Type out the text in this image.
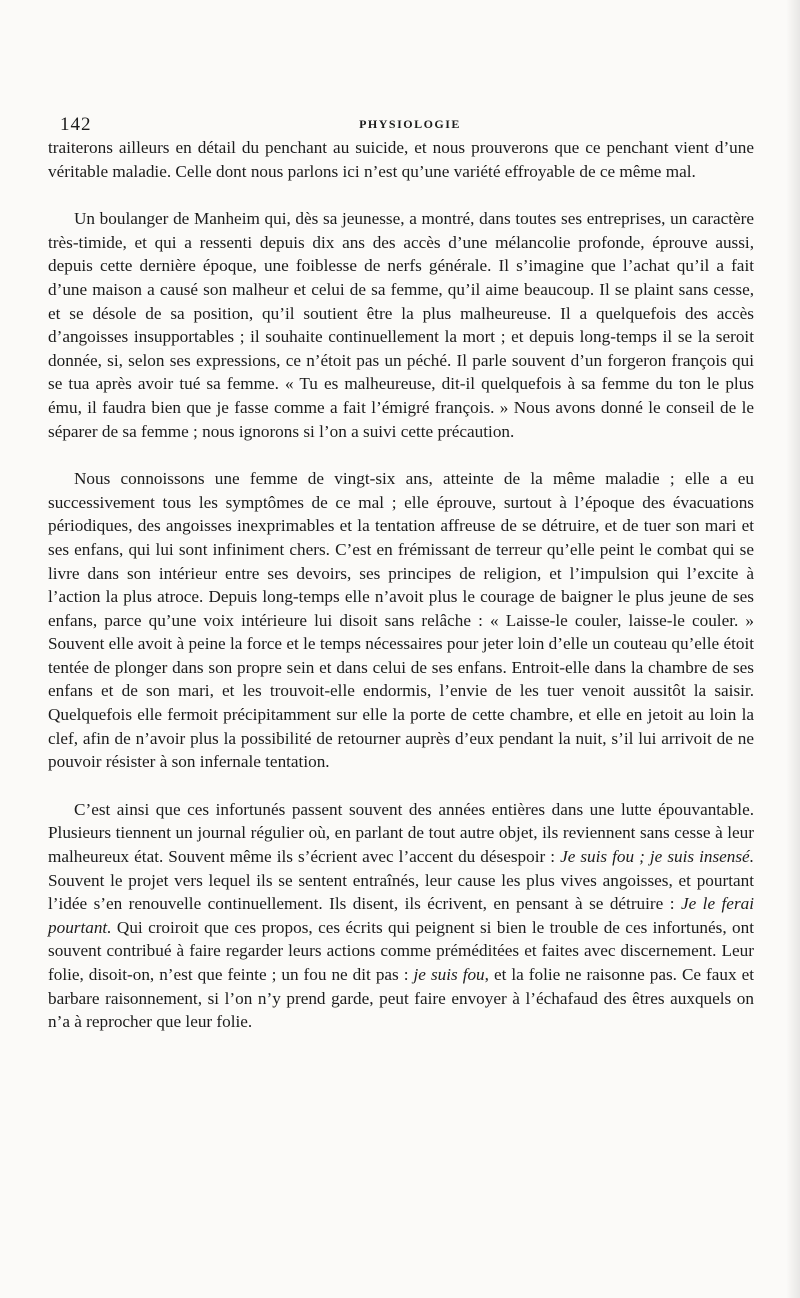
142	PHYSIOLOGIE

traiterons ailleurs en détail du penchant au suicide, et nous prouverons que ce penchant vient d’une véritable maladie. Celle dont nous parlons ici n’est qu’une variété effroyable de ce même mal.

Un boulanger de Manheim qui, dès sa jeunesse, a montré, dans toutes ses entreprises, un caractère très-timide, et qui a ressenti depuis dix ans des accès d’une mélancolie profonde, éprouve aussi, depuis cette dernière époque, une foiblesse de nerfs générale. Il s’imagine que l’achat qu’il a fait d’une maison a causé son malheur et celui de sa femme, qu’il aime beaucoup. Il se plaint sans cesse, et se désole de sa position, qu’il soutient être la plus malheureuse. Il a quelquefois des accès d’angoisses insupportables ; il souhaite continuellement la mort ; et depuis long-temps il se la seroit donnée, si, selon ses expressions, ce n’étoit pas un péché. Il parle souvent d’un forgeron françois qui se tua après avoir tué sa femme. « Tu es malheureuse, dit-il quelquefois à sa femme du ton le plus ému, il faudra bien que je fasse comme a fait l’émigré françois. » Nous avons donné le conseil de le séparer de sa femme ; nous ignorons si l’on a suivi cette précaution.

Nous connoissons une femme de vingt-six ans, atteinte de la même maladie ; elle a eu successivement tous les symptômes de ce mal ; elle éprouve, surtout à l’époque des évacuations périodiques, des angoisses inexprimables et la tentation affreuse de se détruire, et de tuer son mari et ses enfans, qui lui sont infiniment chers. C’est en frémissant de terreur qu’elle peint le combat qui se livre dans son intérieur entre ses devoirs, ses principes de religion, et l’impulsion qui l’excite à l’action la plus atroce. Depuis long-temps elle n’avoit plus le courage de baigner le plus jeune de ses enfans, parce qu’une voix intérieure lui disoit sans relâche : « Laisse-le couler, laisse-le couler. » Souvent elle avoit à peine la force et le temps nécessaires pour jeter loin d’elle un couteau qu’elle étoit tentée de plonger dans son propre sein et dans celui de ses enfans. Entroit-elle dans la chambre de ses enfans et de son mari, et les trouvoit-elle endormis, l’envie de les tuer venoit aussitôt la saisir. Quelquefois elle fermoit précipitamment sur elle la porte de cette chambre, et elle en jetoit au loin la clef, afin de n’avoir plus la possibilité de retourner auprès d’eux pendant la nuit, s’il lui arrivoit de ne pouvoir résister à son infernale tentation.

C’est ainsi que ces infortunés passent souvent des années entières dans une lutte épouvantable. Plusieurs tiennent un journal régulier où, en parlant de tout autre objet, ils reviennent sans cesse à leur malheureux état. Souvent même ils s’écrient avec l’accent du désespoir : Je suis fou ; je suis insensé. Souvent le projet vers lequel ils se sentent entraînés, leur cause les plus vives angoisses, et pourtant l’idée s’en renouvelle continuellement. Ils disent, ils écrivent, en pensant à se détruire : Je le ferai pourtant. Qui croiroit que ces propos, ces écrits qui peignent si bien le trouble de ces infortunés, ont souvent contribué à faire regarder leurs actions comme préméditées et faites avec discernement. Leur folie, disoit-on, n’est que feinte ; un fou ne dit pas : je suis fou, et la folie ne raisonne pas. Ce faux et barbare raisonnement, si l’on n’y prend garde, peut faire envoyer à l’échafaud des êtres auxquels on n’a à reprocher que leur folie.
